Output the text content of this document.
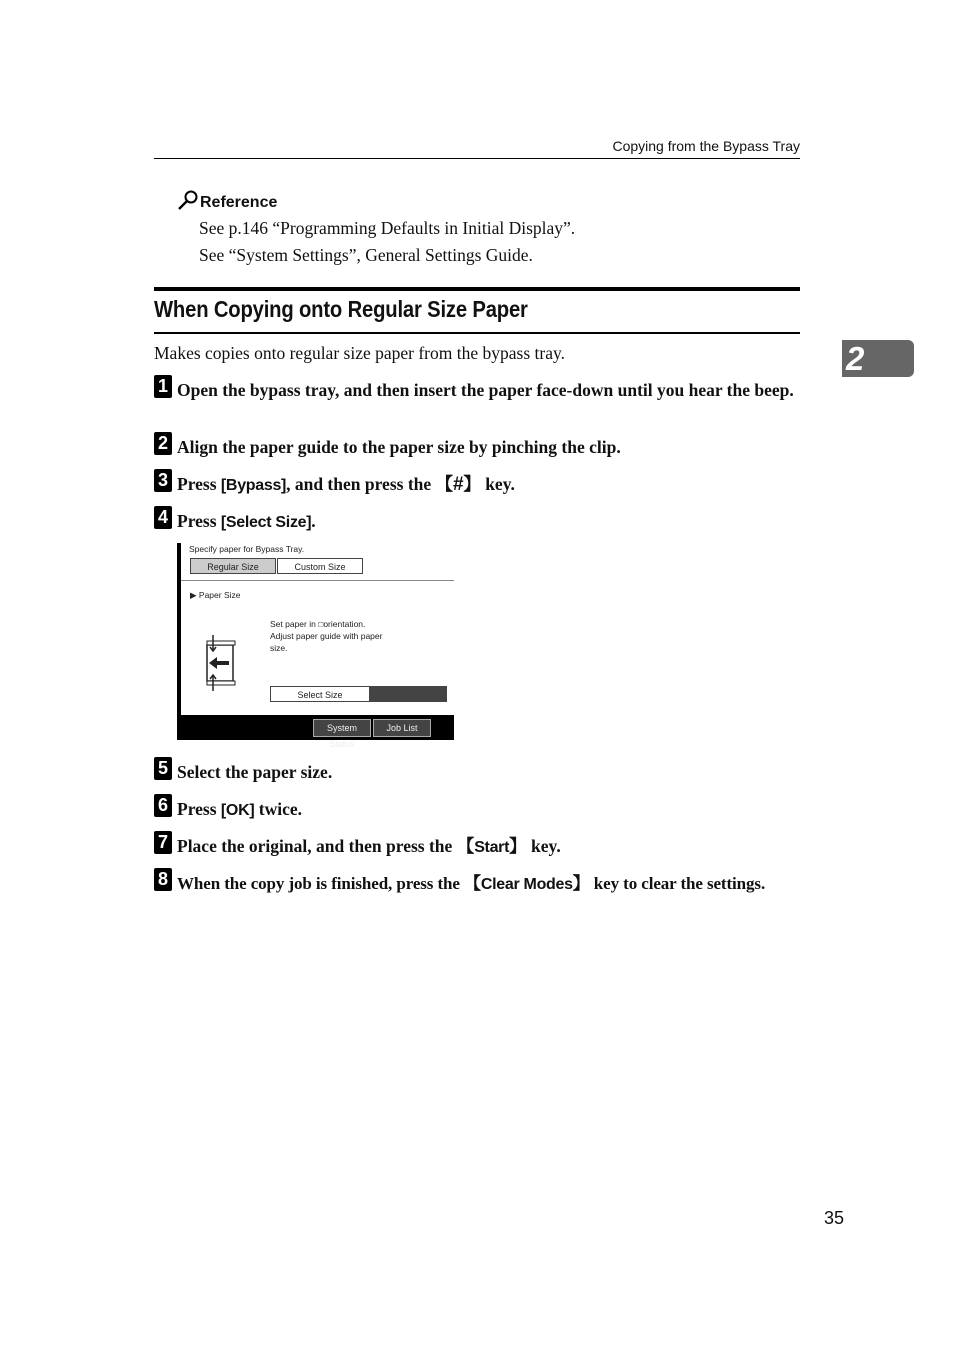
Copying from the Bypass Tray
Reference
See p.146 “Programming Defaults in Initial Display”.
See “System Settings”, General Settings Guide.
When Copying onto Regular Size Paper
Makes copies onto regular size paper from the bypass tray.	2
1 Open the bypass tray, and then insert the paper face-down until you hear the beep.
2 Align the paper guide to the paper size by pinching the clip.
3 Press [Bypass], and then press the 【#】 key.
4 Press [Select Size].
Specify paper for Bypass Tray.
Regular Size	Custom Size
▶ Paper Size
Set paper in □orientation.
Adjust paper guide with paper
size.
Select Size
System Status
Job List
5 Select the paper size.
6 Press [OK] twice.
7 Place the original, and then press the 【Start】 key.
8 When the copy job is finished, press the 【Clear Modes】 key to clear the settings.
35
